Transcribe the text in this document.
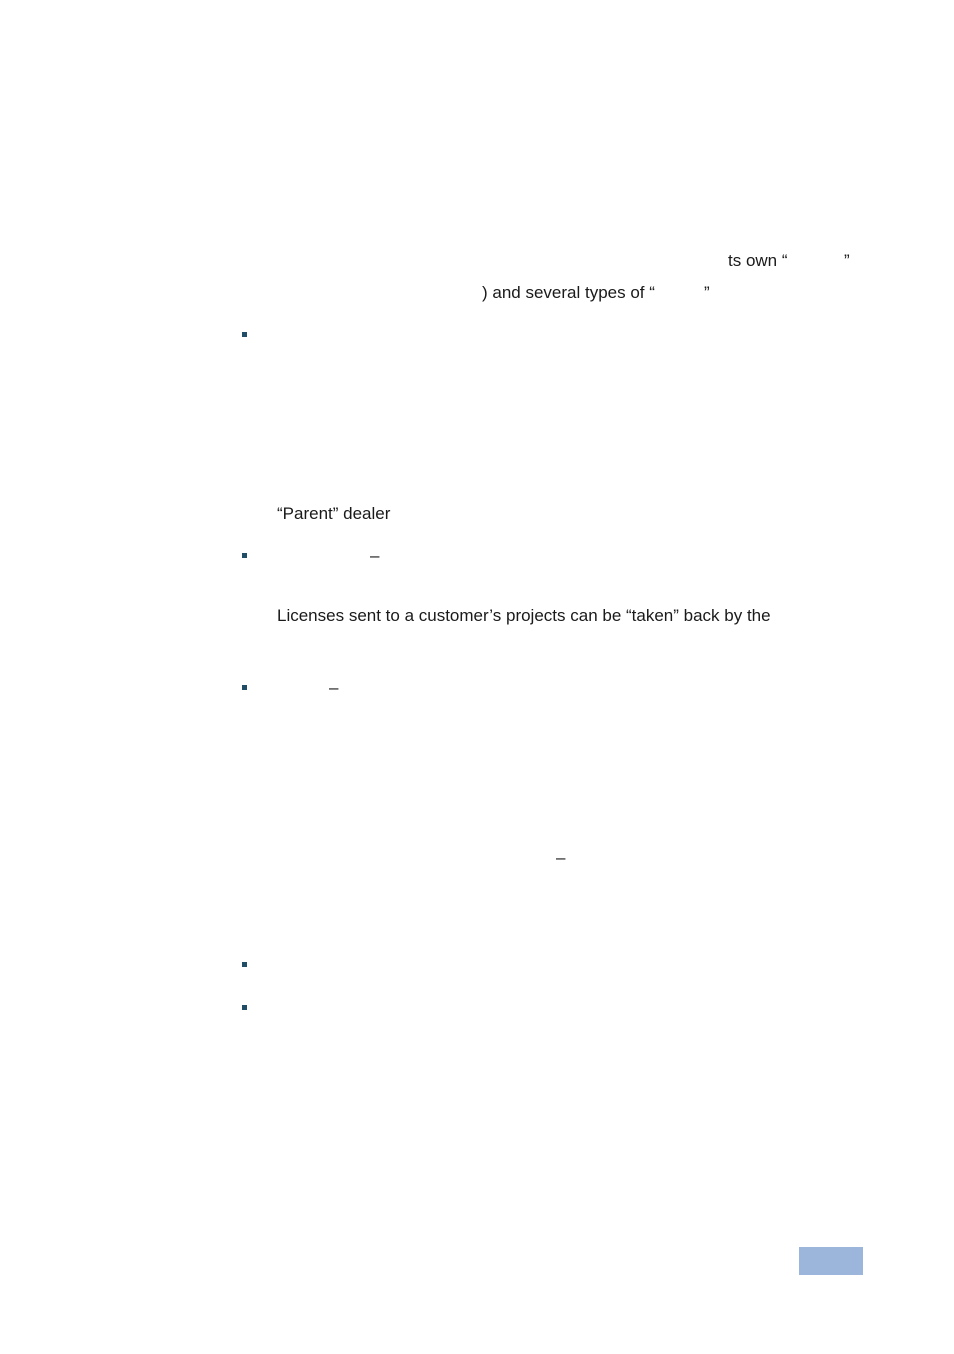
ts own “	”
) and several types of “	”
“Parent” dealer
–
Licenses sent to a customer’s projects can be “taken” back by the
–
–
